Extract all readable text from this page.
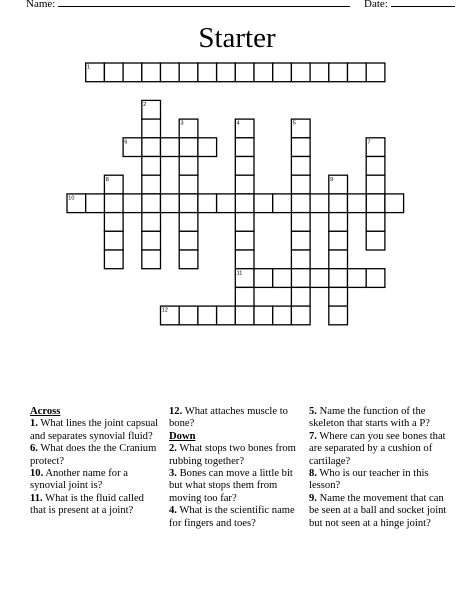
Name:	Date:
Starter
1
2
3	4	5
6	7
8	9
10
11
12
Across

1. What lines the joint capsual and separates synovial fluid?

6. What does the the Cranium protect?

10. Another name for a synovial joint is?

11. What is the fluid called that is present at a joint?

12. What attaches muscle to bone?

Down

2. What stops two bones from rubbing together?

3. Bones can move a little bit but what stops them from moving too far?

4. What is the scientific name for fingers and toes?

5. Name the function of the skeleton that starts with a P?

7. Where can you see bones that are separated by a cushion of cartilage?

8. Who is our teacher in this lesson?

9. Name the movement that can be seen at a ball and socket joint but not seen at a hinge joint?
